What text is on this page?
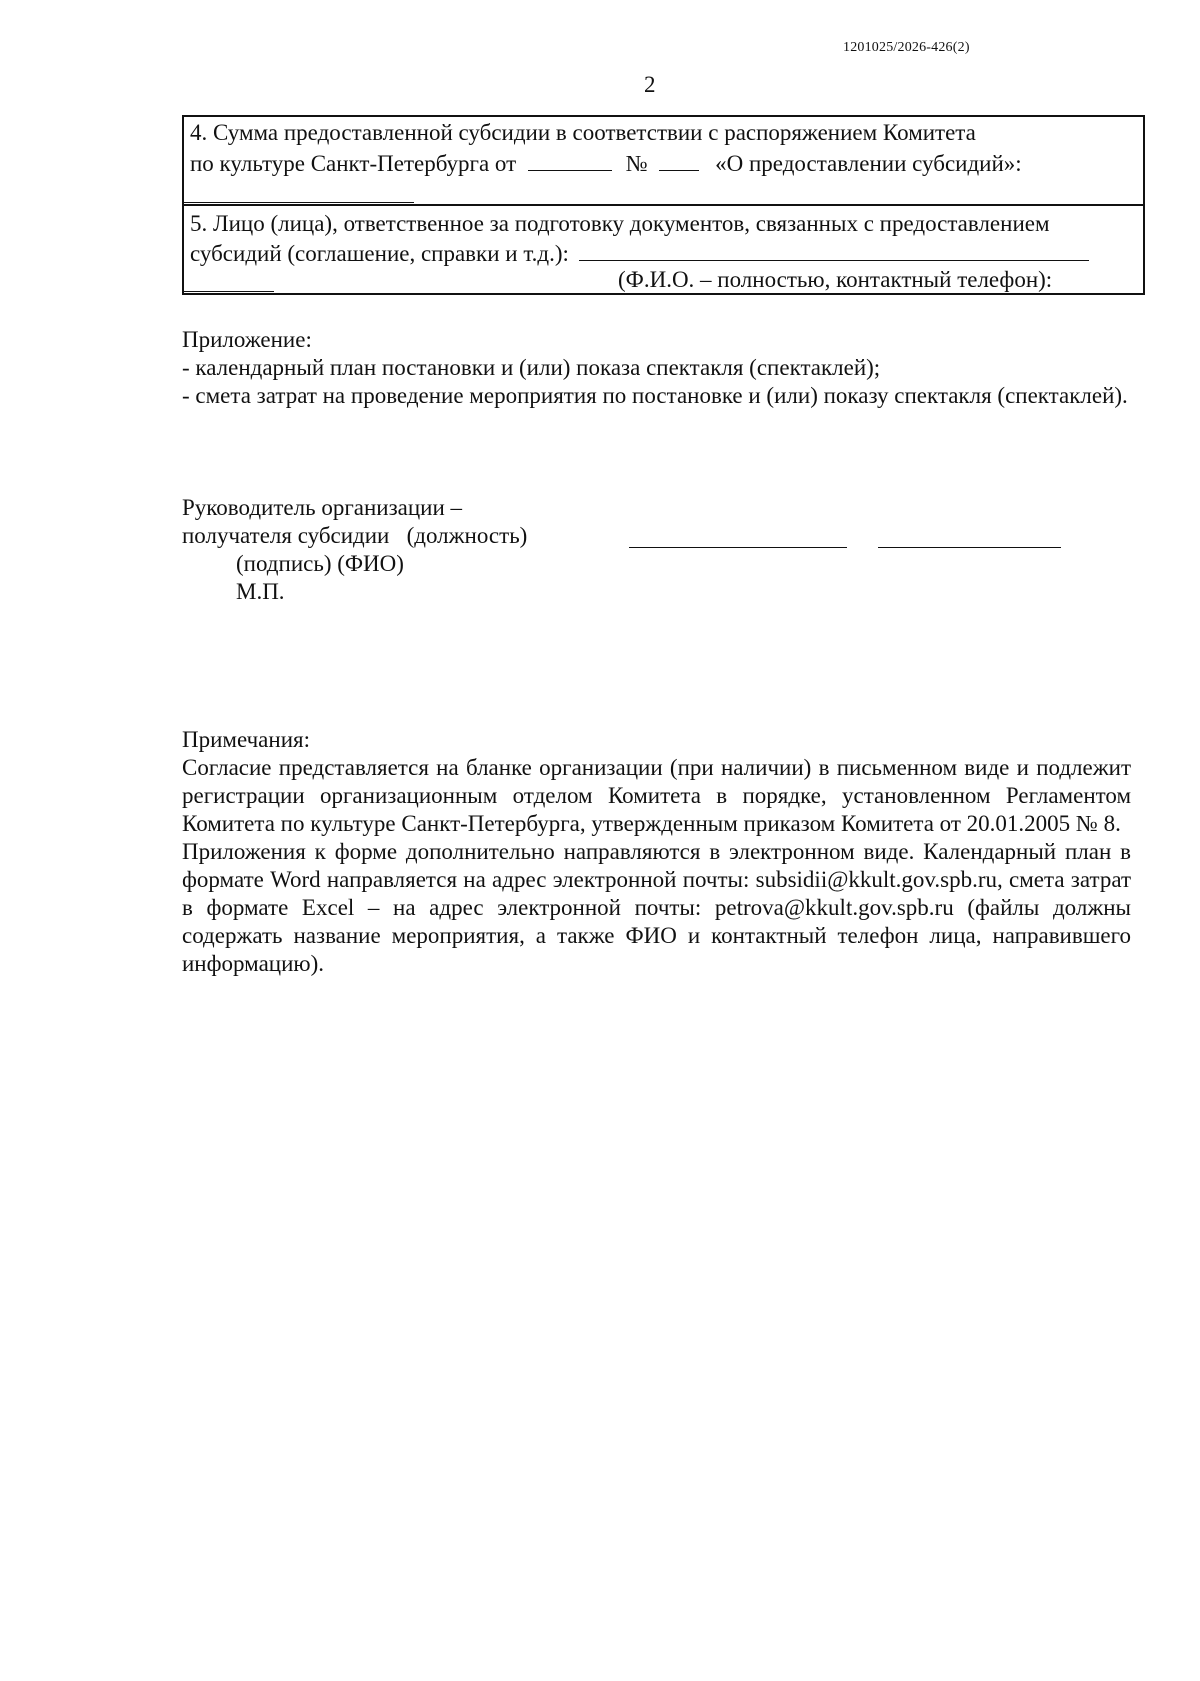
1201025/2026-426(2)
2
4. Сумма предоставленной субсидии в соответствии с распоряжением Комитета
по культуре Санкт-Петербурга от	№	«О предоставлении субсидий»:
5. Лицо (лица), ответственное за подготовку документов, связанных с предоставлением
субсидий (соглашение, справки и т.д.):
(Ф.И.О. – полностью, контактный телефон):

Приложение:

- календарный план постановки и (или) показа спектакля (спектаклей);

- смета затрат на проведение мероприятия по постановке и (или) показу спектакля (спектаклей).

Руководитель организации –
получателя субсидии   (должность)
(подпись) (ФИО)
М.П.

Примечания:

Согласие представляется на бланке организации (при наличии) в письменном виде и подлежит регистрации организационным отделом Комитета в порядке, установленном Регламентом Комитета по культуре Санкт-Петербурга, утвержденным приказом Комитета от 20.01.2005 № 8.

Приложения к форме дополнительно направляются в электронном виде. Календарный план в формате Word направляется на адрес электронной почты: subsidii@kkult.gov.spb.ru, смета затрат в формате Excel – на адрес электронной почты: petrova@kkult.gov.spb.ru (файлы должны содержать название мероприятия, а также ФИО и контактный телефон лица, направившего информацию).
